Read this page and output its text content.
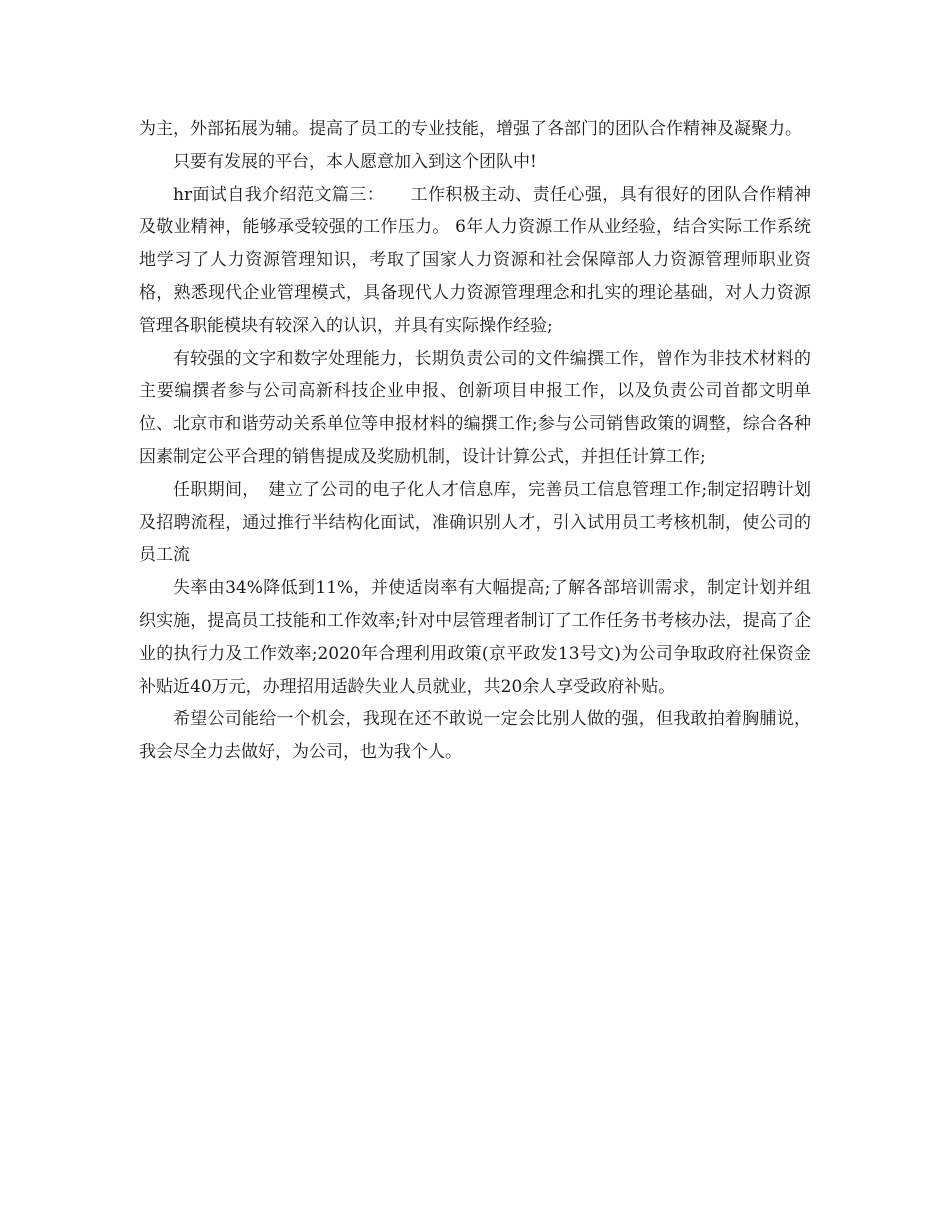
为主，外部拓展为辅。提高了员工的专业技能，增强了各部门的团队合作精神及凝聚力。

只要有发展的平台，本人愿意加入到这个团队中!

hr面试自我介绍范文篇三：　　工作积极主动、责任心强，具有很好的团队合作精神及敬业精神，能够承受较强的工作压力。 6年人力资源工作从业经验，结合实际工作系统地学习了人力资源管理知识，考取了国家人力资源和社会保障部人力资源管理师职业资格，熟悉现代企业管理模式，具备现代人力资源管理理念和扎实的理论基础，对人力资源管理各职能模块有较深入的认识，并具有实际操作经验;

有较强的文字和数字处理能力，长期负责公司的文件编撰工作，曾作为非技术材料的主要编撰者参与公司高新科技企业申报、创新项目申报工作，以及负责公司首都文明单位、北京市和谐劳动关系单位等申报材料的编撰工作;参与公司销售政策的调整，综合各种因素制定公平合理的销售提成及奖励机制，设计计算公式，并担任计算工作;

任职期间，　建立了公司的电子化人才信息库，完善员工信息管理工作;制定招聘计划及招聘流程，通过推行半结构化面试，准确识别人才，引入试用员工考核机制，使公司的员工流

失率由34%降低到11%，并使适岗率有大幅提高;了解各部培训需求，制定计划并组织实施，提高员工技能和工作效率;针对中层管理者制订了工作任务书考核办法，提高了企业的执行力及工作效率;2020年合理利用政策(京平政发13号文)为公司争取政府社保资金补贴近40万元，办理招用适龄失业人员就业，共20余人享受政府补贴。

希望公司能给一个机会，我现在还不敢说一定会比别人做的强，但我敢拍着胸脯说，我会尽全力去做好，为公司，也为我个人。
